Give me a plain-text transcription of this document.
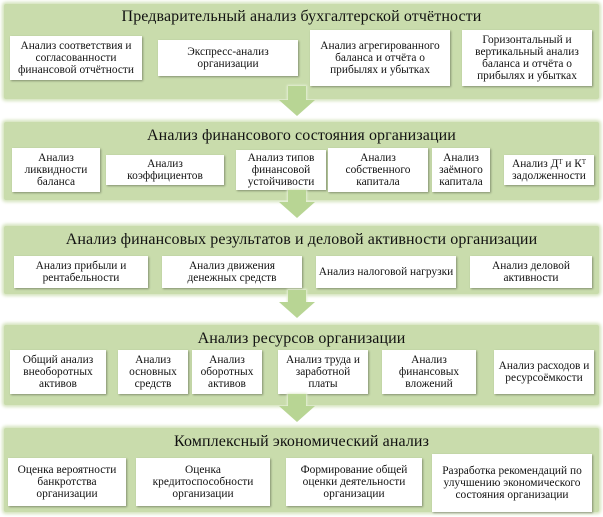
Предварительный анализ бухгалтерской отчётности
Анализ соответствия и согласованности финансовой отчётности
Экспресс-анализ организации
Анализ агрегированного баланса и отчёта о прибылях и убытках
Горизонтальный и вертикальный анализ баланса и отчёта о прибылях и убытках
Анализ финансового состояния организации
Анализ ликвидности баланса
Анализ коэффициентов
Анализ типов финансовой устойчивости
Анализ собственного капитала
Анализ заёмного капитала
Анализ Дᵀ и Кᵀ задолженности
Анализ финансовых результатов и деловой активности организации
Анализ прибыли и рентабельности
Анализ движения денежных средств	Анализ налоговой нагрузки	Анализ деловой активности
Анализ ресурсов организации
Общий анализ внеоборотных активов
Анализ основных средств
Анализ оборотных активов
Анализ труда и заработной платы
Анализ финансовых вложений
Анализ расходов и ресурсоёмкости
Комплексный экономический анализ
Оценка вероятности банкротства организации
Оценка кредитоспособности организации
Формирование общей оценки деятельности организации
Разработка рекомендаций по улучшению экономического состояния организации
